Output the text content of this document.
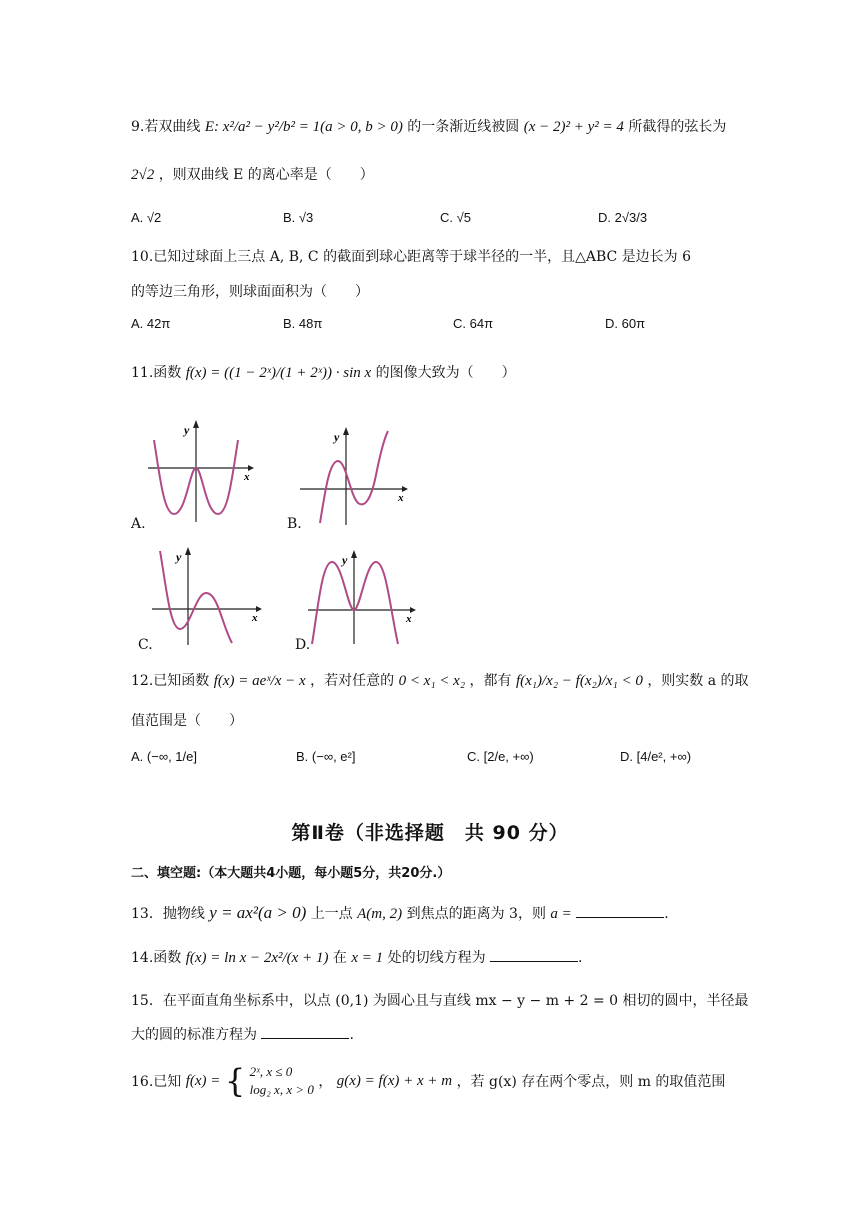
9.若双曲线 E: x²/a² − y²/b² = 1(a > 0, b > 0) 的一条渐近线被圆 (x − 2)² + y² = 4 所截得的弦长为
2√2 ，则双曲线 E 的离心率是（　　）
A. √2	B. √3	C. √5	D. 2√3/3
10.已知过球面上三点 A, B, C 的截面到球心距离等于球半径的一半，且△ABC 是边长为 6
的等边三角形，则球面面积为（　　）
A. 42π	B. 48π	C. 64π	D. 60π
11.函数 f(x) = ((1 − 2ˣ)/(1 + 2ˣ)) · sin x 的图像大致为（　　）
y
x
A.
y
x
B.
y
x
C.
y
x
D.
12.已知函数 f(x) = aeˣ/x − x ，若对任意的 0 < x₁ < x₂ ，都有 f(x₁)/x₂ − f(x₂)/x₁ < 0 ，则实数 a 的取
值范围是（　　）
A. (−∞, 1/e]	B. (−∞, e²]	C. [2/e, +∞)	D. [4/e², +∞)
第Ⅱ卷（非选择题　共 90 分）
二、填空题:（本大题共4小题，每小题5分，共20分.）
13．抛物线 y = ax²(a > 0) 上一点 A(m, 2) 到焦点的距离为 3，则 a =	.
14.函数 f(x) = ln x − 2x²/(x + 1) 在 x = 1 处的切线方程为	.
15．在平面直角坐标系中，以点 (0,1) 为圆心且与直线 mx − y − m + 2 = 0 相切的圆中，半径最
大的圆的标准方程为	.
16.已知 f(x) = { 2ˣ, x ≤ 0
log₂ x, x > 0 ， g(x) = f(x) + x + m ，若 g(x) 存在两个零点，则 m 的取值范围
